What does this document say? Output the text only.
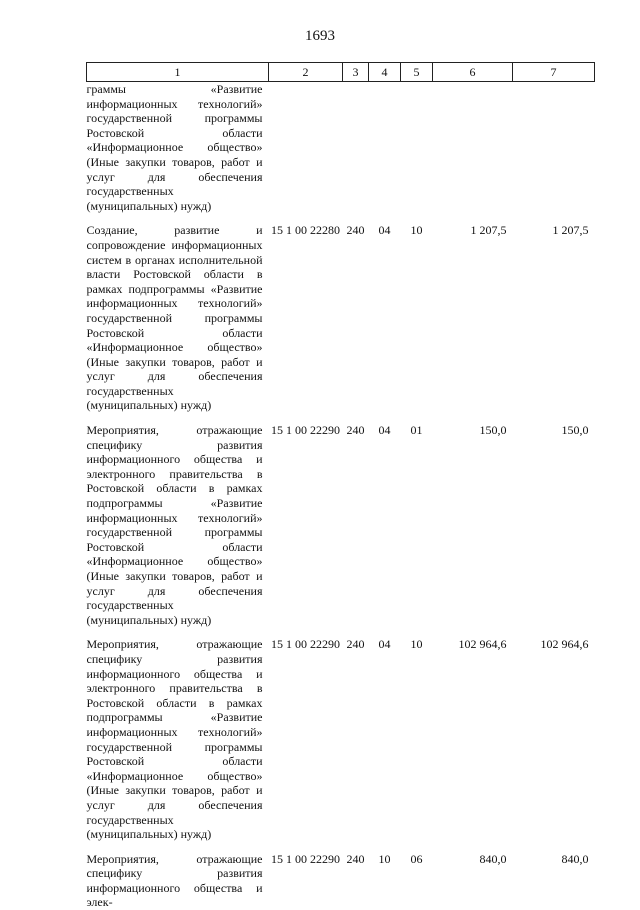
1693
1	2	3	4	5	6	7
граммы «Развитие информационных технологий» государственной программы Ростовской области «Информационное общество» (Иные закупки товаров, работ и услуг для обеспечения государственных (муниципальных) нужд)						
Создание, развитие и сопровождение информационных систем в органах исполнительной власти Ростовской области в рамках подпрограммы «Развитие информационных технологий» государственной программы Ростовской области «Информационное общество» (Иные закупки товаров, работ и услуг для обеспечения государственных (муниципальных) нужд)	15 1 00 22280	240	04	10	1 207,5	1 207,5
Мероприятия, отражающие специфику развития информационного общества и электронного правительства в Ростовской области в рамках подпрограммы «Развитие информационных технологий» государственной программы Ростовской области «Информационное общество» (Иные закупки товаров, работ и услуг для обеспечения государственных (муниципальных) нужд)	15 1 00 22290	240	04	01	150,0	150,0
Мероприятия, отражающие специфику развития информационного общества и электронного правительства в Ростовской области в рамках подпрограммы «Развитие информационных технологий» государственной программы Ростовской области «Информационное общество» (Иные закупки товаров, работ и услуг для обеспечения государственных (муниципальных) нужд)	15 1 00 22290	240	04	10	102 964,6	102 964,6
Мероприятия, отражающие специфику развития информационного общества и элек-	15 1 00 22290	240	10	06	840,0	840,0
